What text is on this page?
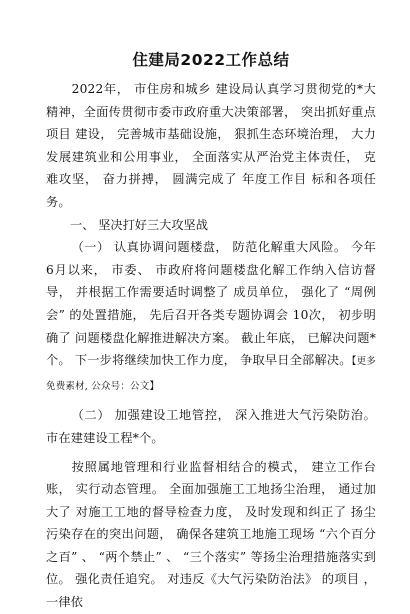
住建局2022工作总结

2022年， 市住房和城乡 建设局认真学习贯彻党的*大精神，全面传贯彻市委市政府重大决策部署， 突出抓好重点项目 建设， 完善城市基础设施， 狠抓生态环境治理， 大力发展建筑业和公用事业， 全面落实从严治党主体责任， 克难攻坚， 奋力拼搏， 圆满完成了 年度工作目 标和各项任务。

一、 坚决打好三大攻坚战

（一） 认真协调问题楼盘， 防范化解重大风险。 今年 6月以来， 市委、 市政府将问题楼盘化解工作纳入信访督导， 并根据工作需要适时调整了 成员单位， 强化了 “周例会” 的处置措施， 先后召开各类专题协调会 10次， 初步明确了 问题楼盘化解推进解决方案。 截止年底， 已解决问题*个。 下一步将继续加快工作力度， 争取早日全部解决。【更多 免费素材, 公众号：公文】

（二） 加强建设工地管控， 深入推进大气污染防治。 市在建建设工程*个。

按照属地管理和行业监督相结合的模式， 建立工作台账， 实行动态管理。 全面加强施工工地扬尘治理， 通过加大了 对施工工地的督导检查力度， 及时发现和纠正了 扬尘污染存在的突出问题， 确保各建筑工地施工现场 “六个百分之百” 、 “两个禁止” 、 “三个落实” 等扬尘治理措施落实到位。 强化责任追究。 对违反《大气污染防治法》 的项目 ， 一律依
